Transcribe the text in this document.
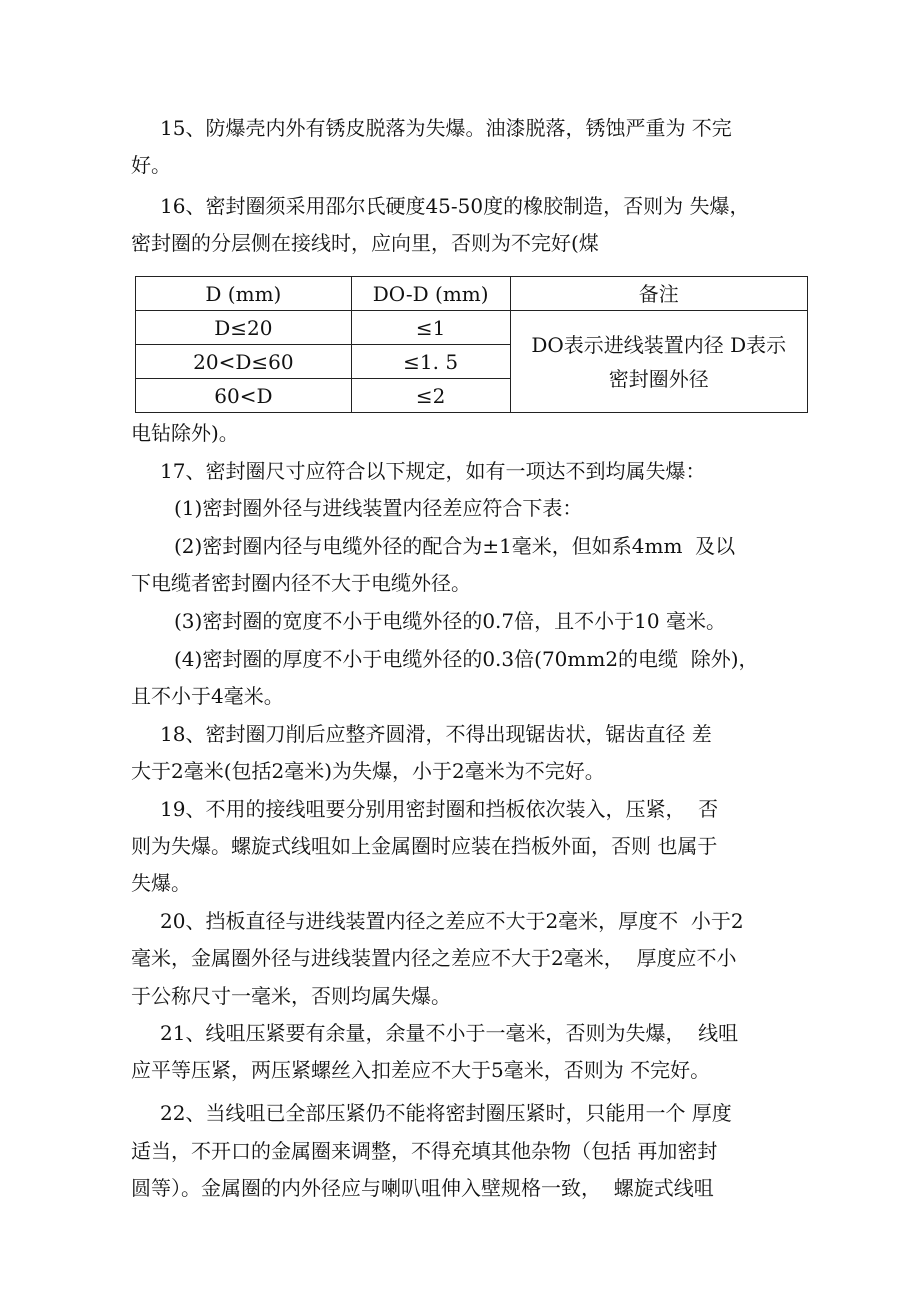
15、防爆壳内外有锈皮脱落为失爆。油漆脱落，锈蚀严重为 不完
好。
16、密封圈须采用邵尔氏硬度45-50度的橡胶制造，否则为 失爆，
密封圈的分层侧在接线时，应向里，否则为不完好(煤
D (mm)	DO-D (mm)	备注
D≤20	≤1	DO表示进线装置内径 D表示
密封圈外径
20<D≤60	≤1. 5	
60<D	≤2	
电钻除外)。
17、密封圈尺寸应符合以下规定，如有一项达不到均属失爆：
(1)密封圈外径与进线装置内径差应符合下表：
(2)密封圈内径与电缆外径的配合为±1毫米，但如系4mm  及以
下电缆者密封圈内径不大于电缆外径。
(3)密封圈的宽度不小于电缆外径的0.7倍，且不小于10 毫米。
(4)密封圈的厚度不小于电缆外径的0.3倍(70mm2的电缆  除外)，
且不小于4毫米。
18、密封圈刀削后应整齐圆滑，不得出现锯齿状，锯齿直径 差
大于2毫米(包括2毫米)为失爆，小于2毫米为不完好。
19、不用的接线咀要分别用密封圈和挡板依次装入，压紧，  否
则为失爆。螺旋式线咀如上金属圈时应装在挡板外面，否则 也属于
失爆。
20、挡板直径与进线装置内径之差应不大于2毫米，厚度不  小于2
毫米，金属圈外径与进线装置内径之差应不大于2毫米，  厚度应不小
于公称尺寸一毫米，否则均属失爆。
21、线咀压紧要有余量，余量不小于一毫米，否则为失爆，  线咀
应平等压紧，两压紧螺丝入扣差应不大于5毫米，否则为 不完好。
22、当线咀已全部压紧仍不能将密封圈压紧时，只能用一个 厚度
适当，不开口的金属圈来调整，不得充填其他杂物（包括 再加密封
圆等）。金属圈的内外径应与喇叭咀伸入壁规格一致，  螺旋式线咀
